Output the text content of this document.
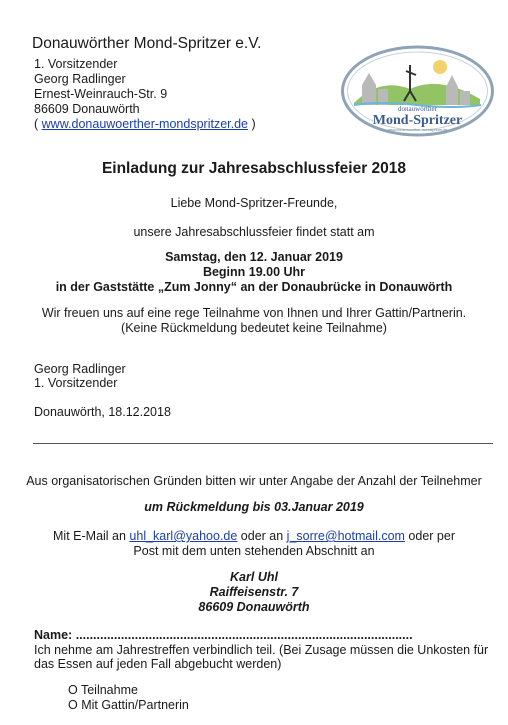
Donauwörther Mond-Spritzer e.V.
1. Vorsitzender
Georg Radlinger
Ernest-Weinrauch-Str. 9
86609 Donauwörth
( www.donauwoerther-mondspritzer.de )
donauwörther
Mond-Spritzer
www.donauwoerther-mondspritzer.de
Einladung zur Jahresabschlussfeier 2018
Liebe Mond-Spritzer-Freunde,
unsere Jahresabschlussfeier findet statt am
Samstag, den 12. Januar 2019
Beginn 19.00 Uhr
in der Gaststätte „Zum Jonny“ an der Donaubrücke in Donauwörth
Wir freuen uns auf eine rege Teilnahme von Ihnen und Ihrer Gattin/Partnerin.
(Keine Rückmeldung bedeutet keine Teilnahme)
Georg Radlinger
1. Vorsitzender
Donauwörth, 18.12.2018
Aus organisatorischen Gründen bitten wir unter Angabe der Anzahl der Teilnehmer
um Rückmeldung bis 03.Januar 2019
Mit E-Mail an uhl_karl@yahoo.de oder an j_sorre@hotmail.com oder per
Post mit dem unten stehenden Abschnitt an
Karl Uhl
Raiffeisenstr. 7
86609 Donauwörth
Name: .................................................................................................
Ich nehme am Jahrestreffen verbindlich teil. (Bei Zusage müssen die Unkosten für
das Essen auf jeden Fall abgebucht werden)
O Teilnahme
O Mit Gattin/Partnerin
